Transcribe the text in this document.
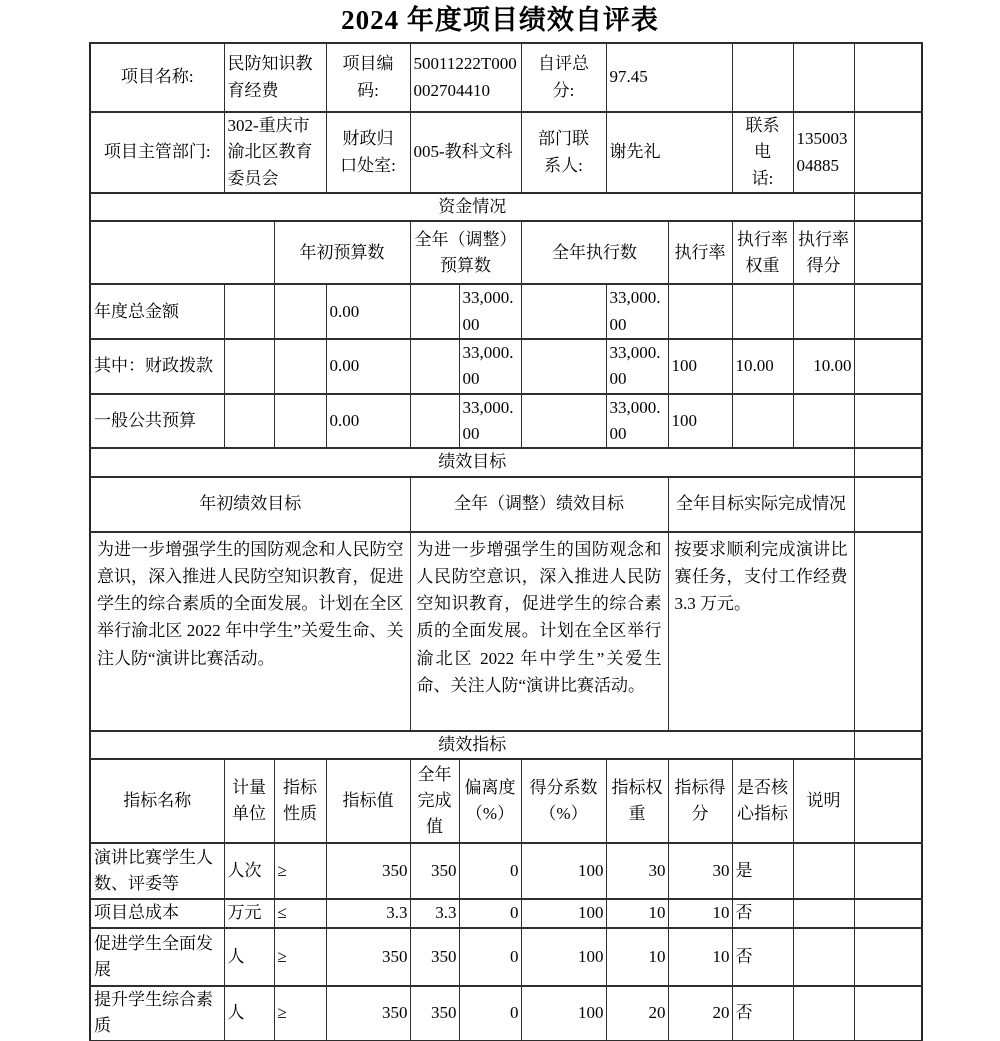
2024 年度项目绩效自评表
项目名称:	民防知识教育经费		项目编码:	50011222T000002704410		自评总分:	97.45				
项目主管部门:	302-重庆市渝北区教育委员会		财政归口处室:	005-教科文科		部门联系人:	谢先礼		联系电话:	13500304885	
资金情况											
		年初预算数		全年（调整）预算数		全年执行数		执行率	执行率权重	执行率得分	
年度总金额			0.00		33,000.00		33,000.00				
其中：财政拨款			0.00		33,000.00		33,000.00	100	10.00	10.00	
一般公共预算			0.00		33,000.00		33,000.00	100			
绩效目标											
年初绩效目标				全年（调整）绩效目标				全年目标实际完成情况			
为进一步增强学生的国防观念和人民防空意识，深入推进人民防空知识教育，促进学生的综合素质的全面发展。计划在全区举行渝北区 2022 年中学生”关爱生命、关注人防“演讲比赛活动。				为进一步增强学生的国防观念和人民防空意识，深入推进人民防空知识教育，促进学生的综合素质的全面发展。计划在全区举行渝北区 2022 年中学生”关爱生命、关注人防“演讲比赛活动。				按要求顺利完成演讲比赛任务，支付工作经费 3.3 万元。			
绩效指标											
指标名称	计量单位	指标性质	指标值	全年完成值	偏离度（%）	得分系数（%）	指标权重	指标得分	是否核心指标	说明	
演讲比赛学生人数、评委等	人次	≥	350	350	0	100	30	30	是		
项目总成本	万元	≤	3.3	3.3	0	100	10	10	否		
促进学生全面发展	人	≥	350	350	0	100	10	10	否		
提升学生综合素质	人	≥	350	350	0	100	20	20	否		
